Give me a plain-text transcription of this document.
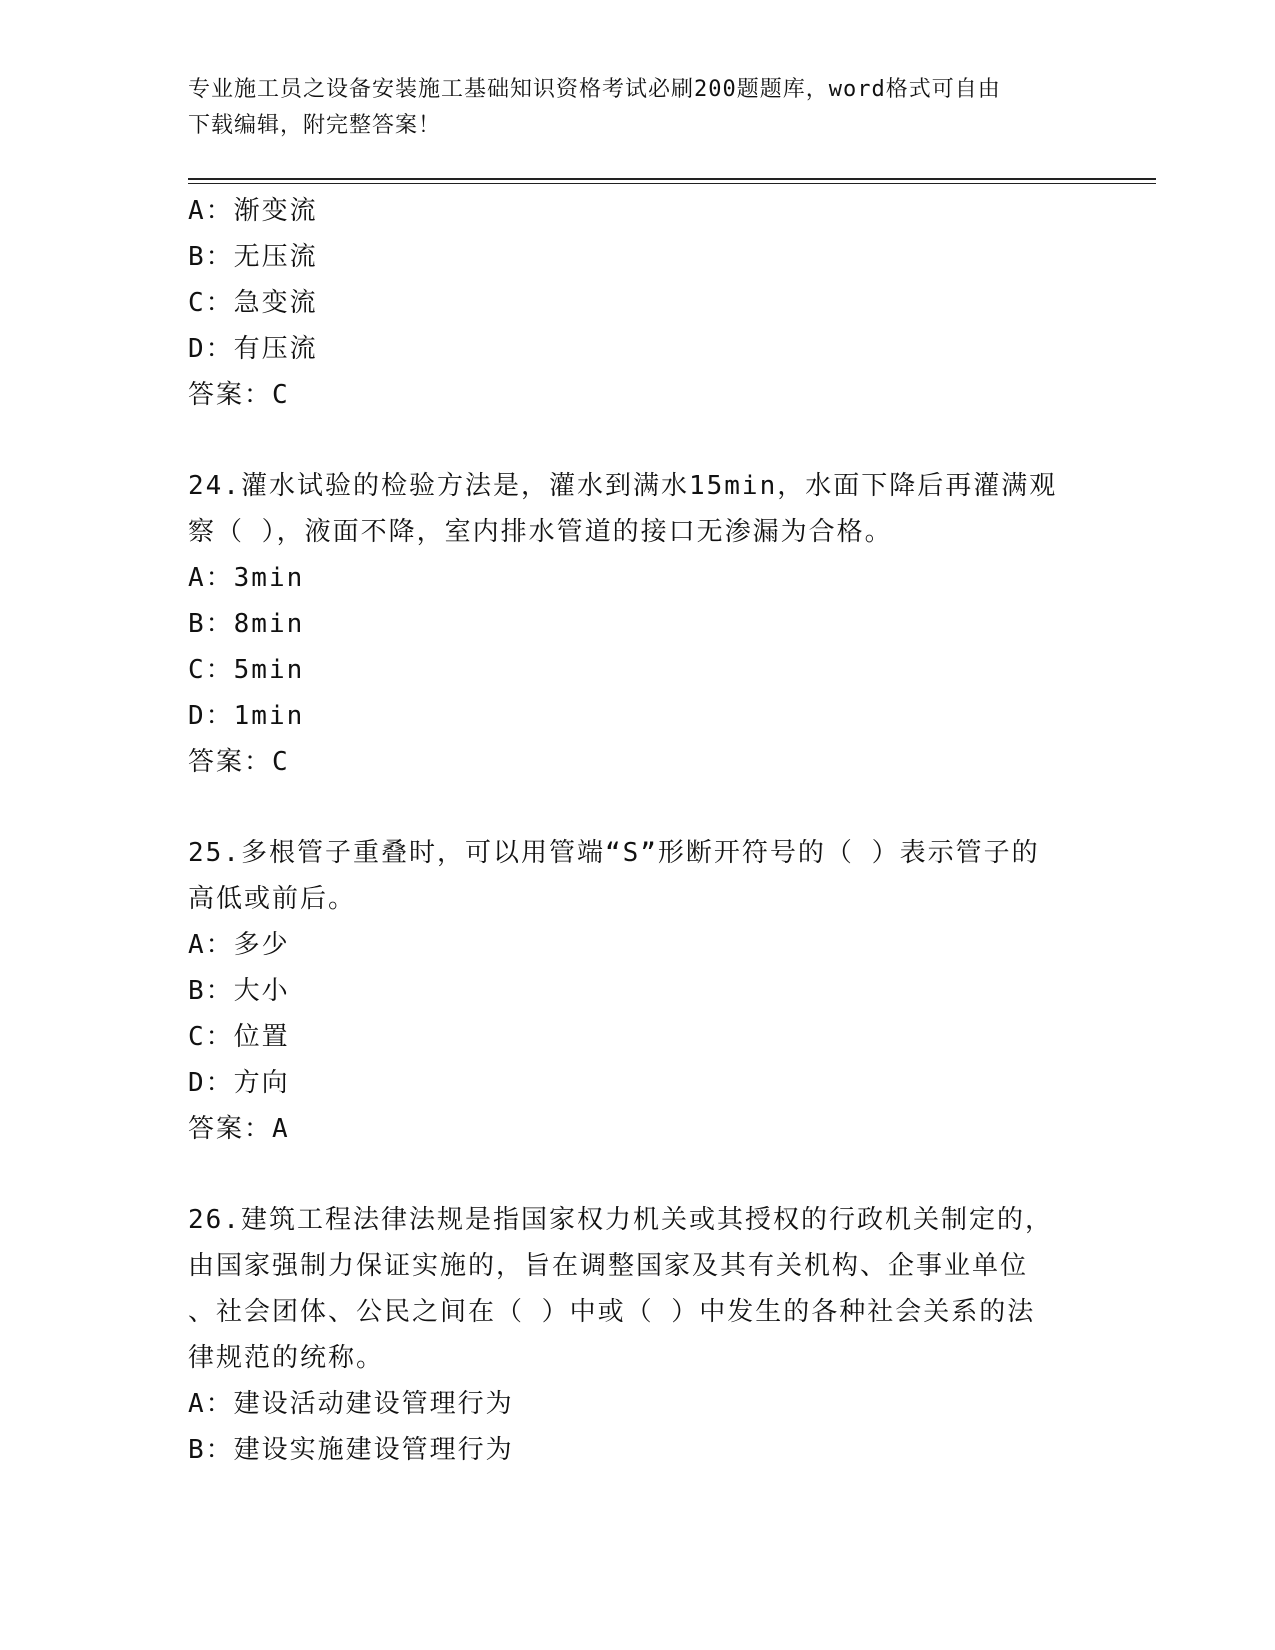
专业施工员之设备安装施工基础知识资格考试必刷200题题库，word格式可自由
下载编辑，附完整答案！
A：渐变流
B：无压流
C：急变流
D：有压流
答案：C
24.灌水试验的检验方法是，灌水到满水15min，水面下降后再灌满观
察（ ），液面不降，室内排水管道的接口无渗漏为合格。
A：3min
B：8min
C：5min
D：1min
答案：C
25.多根管子重叠时，可以用管端“S”形断开符号的（ ）表示管子的
高低或前后。
A：多少
B：大小
C：位置
D：方向
答案：A
26.建筑工程法律法规是指国家权力机关或其授权的行政机关制定的，
由国家强制力保证实施的，旨在调整国家及其有关机构、企事业单位
、社会团体、公民之间在（ ）中或（ ）中发生的各种社会关系的法
律规范的统称。
A：建设活动建设管理行为
B：建设实施建设管理行为
